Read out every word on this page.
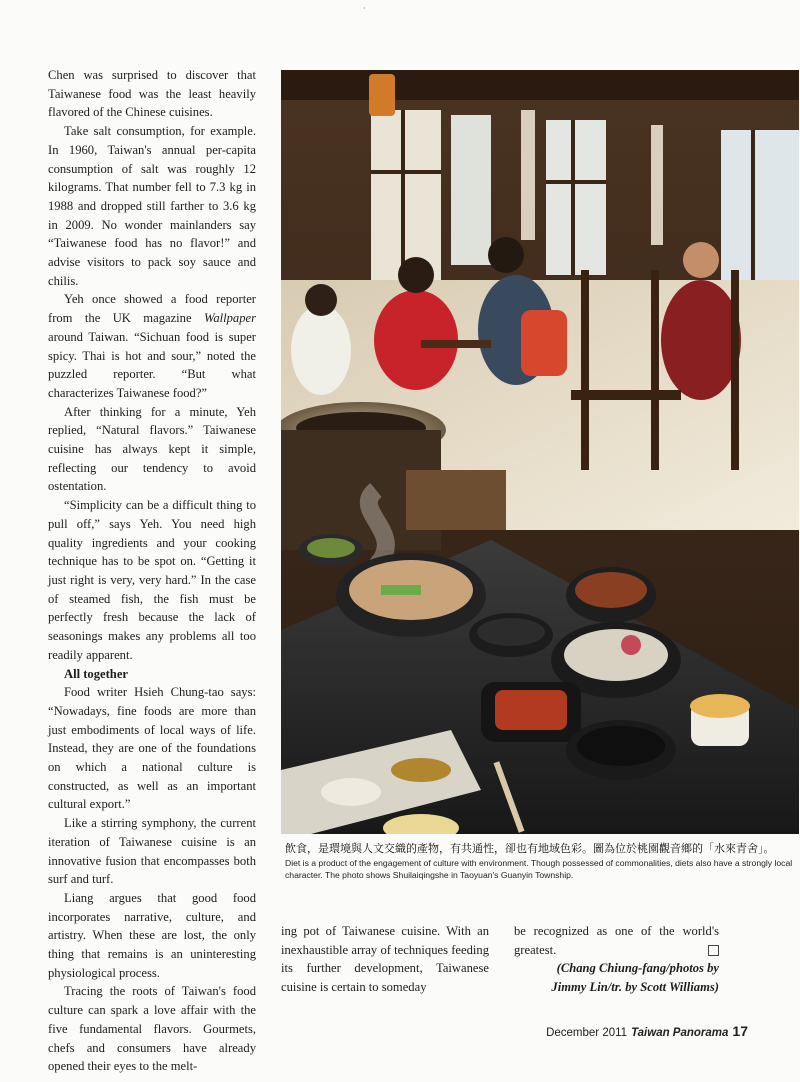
·

Chen was surprised to discover that Taiwanese food was the least heavily flavored of the Chinese cuisines.

Take salt consumption, for example. In 1960, Taiwan's annual per-capita consumption of salt was roughly 12 kilograms. That number fell to 7.3 kg in 1988 and dropped still farther to 3.6 kg in 2009. No wonder mainlanders say “Taiwanese food has no flavor!” and advise visitors to pack soy sauce and chilis.

Yeh once showed a food reporter from the UK magazine Wallpaper around Taiwan. “Sichuan food is super spicy. Thai is hot and sour,” noted the puzzled reporter. “But what characterizes Taiwanese food?”

After thinking for a minute, Yeh replied, “Natural flavors.” Taiwanese cuisine has always kept it simple, reflecting our tendency to avoid ostentation.

“Simplicity can be a difficult thing to pull off,” says Yeh. You need high quality ingredients and your cooking technique has to be spot on. “Getting it just right is very, very hard.” In the case of steamed fish, the fish must be perfectly fresh because the lack of seasonings makes any problems all too readily apparent.

All together

Food writer Hsieh Chung-tao says: “Nowadays, fine foods are more than just embodiments of local ways of life. Instead, they are one of the foundations on which a national culture is constructed, as well as an important cultural export.”

Like a stirring symphony, the current iteration of Taiwanese cuisine is an innovative fusion that encompasses both surf and turf.

Liang argues that good food incorporates narrative, culture, and artistry. When these are lost, the only thing that remains is an uninteresting physiological process.

Tracing the roots of Taiwan's food culture can spark a love affair with the five fundamental flavors. Gourmets, chefs and consumers have already opened their eyes to the melt-

飲食，是環境與人文交織的產物，有共通性，卻也有地域色彩。圖為位於桃園觀音鄉的「水來青舍」。
Diet is a product of the engagement of culture with environment. Though possessed of commonalities, diets also have a strongly local character. The photo shows Shuilaiqingshe in Taoyuan's Guanyin Township.

ing pot of Taiwanese cuisine. With an inexhaustible array of techniques feeding its further development, Taiwanese cuisine is certain to someday

be recognized as one of the world's greatest.

(Chang Chiung-fang/photos by

Jimmy Lin/tr. by Scott Williams)

December 2011 Taiwan Panorama 17
